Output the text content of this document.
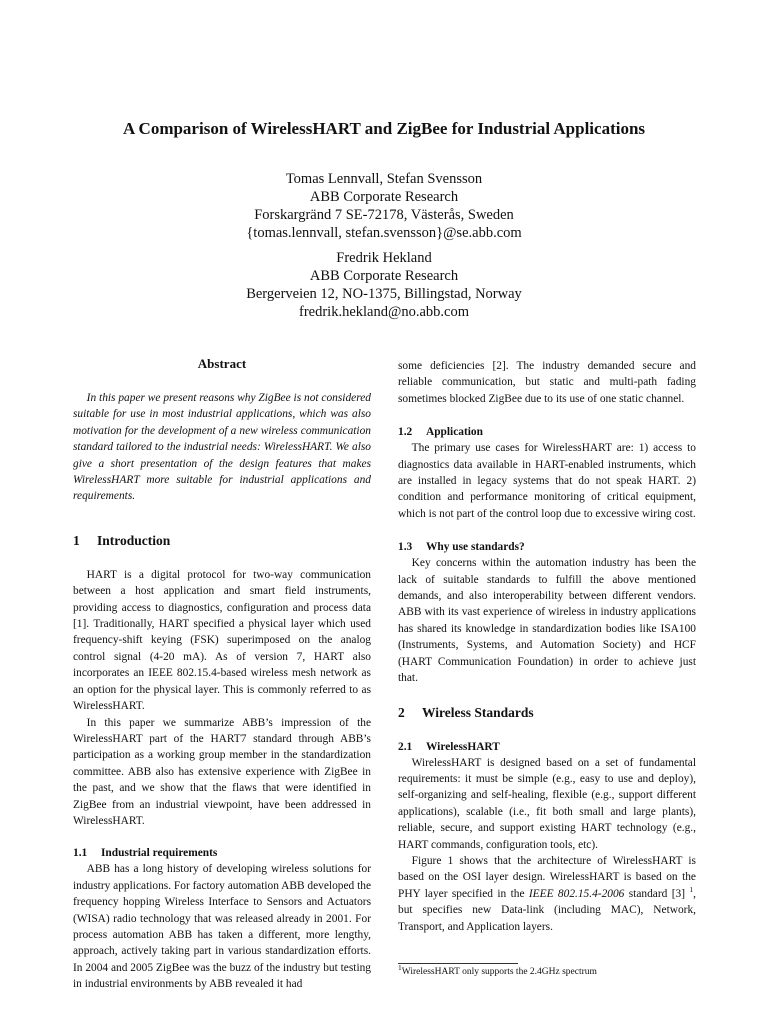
A Comparison of WirelessHART and ZigBee for Industrial Applications
Tomas Lennvall, Stefan Svensson
ABB Corporate Research
Forskargränd 7 SE-72178, Västerås, Sweden
{tomas.lennvall, stefan.svensson}@se.abb.com
Fredrik Hekland
ABB Corporate Research
Bergerveien 12, NO-1375, Billingstad, Norway
fredrik.hekland@no.abb.com
Abstract

In this paper we present reasons why ZigBee is not considered suitable for use in most industrial applications, which was also motivation for the development of a new wireless communication standard tailored to the industrial needs: WirelessHART. We also give a short presentation of the design features that makes WirelessHART more suitable for industrial applications and requirements.

1 Introduction

HART is a digital protocol for two-way communication between a host application and smart field instruments, providing access to diagnostics, configuration and process data [1]. Traditionally, HART specified a physical layer which used frequency-shift keying (FSK) superimposed on the analog control signal (4-20 mA). As of version 7, HART also incorporates an IEEE 802.15.4-based wireless mesh network as an option for the physical layer. This is commonly referred to as WirelessHART.

In this paper we summarize ABB’s impression of the WirelessHART part of the HART7 standard through ABB’s participation as a working group member in the standardization committee. ABB also has extensive experience with ZigBee in the past, and we show that the flaws that were identified in ZigBee from an industrial viewpoint, have been addressed in WirelessHART.

1.1 Industrial requirements

ABB has a long history of developing wireless solutions for industry applications. For factory automation ABB developed the frequency hopping Wireless Interface to Sensors and Actuators (WISA) radio technology that was released already in 2001. For process automation ABB has taken a different, more lengthy, approach, actively taking part in various standardization efforts. In 2004 and 2005 ZigBee was the buzz of the industry but testing in industrial environments by ABB revealed it had

some deficiencies [2]. The industry demanded secure and reliable communication, but static and multi-path fading sometimes blocked ZigBee due to its use of one static channel.

1.2 Application

The primary use cases for WirelessHART are: 1) access to diagnostics data available in HART-enabled instruments, which are installed in legacy systems that do not speak HART. 2) condition and performance monitoring of critical equipment, which is not part of the control loop due to excessive wiring cost.

1.3 Why use standards?

Key concerns within the automation industry has been the lack of suitable standards to fulfill the above mentioned demands, and also interoperability between different vendors. ABB with its vast experience of wireless in industry applications has shared its knowledge in standardization bodies like ISA100 (Instruments, Systems, and Automation Society) and HCF (HART Communication Foundation) in order to achieve just that.

2 Wireless Standards
2.1 WirelessHART

WirelessHART is designed based on a set of fundamental requirements: it must be simple (e.g., easy to use and deploy), self-organizing and self-healing, flexible (e.g., support different applications), scalable (i.e., fit both small and large plants), reliable, secure, and support existing HART technology (e.g., HART commands, configuration tools, etc).

Figure 1 shows that the architecture of WirelessHART is based on the OSI layer design. WirelessHART is based on the PHY layer specified in the IEEE 802.15.4-2006 standard [3] $^1$, but specifies new Data-link (including MAC), Network, Transport, and Application layers.

$^1$WirelessHART only supports the 2.4GHz spectrum
